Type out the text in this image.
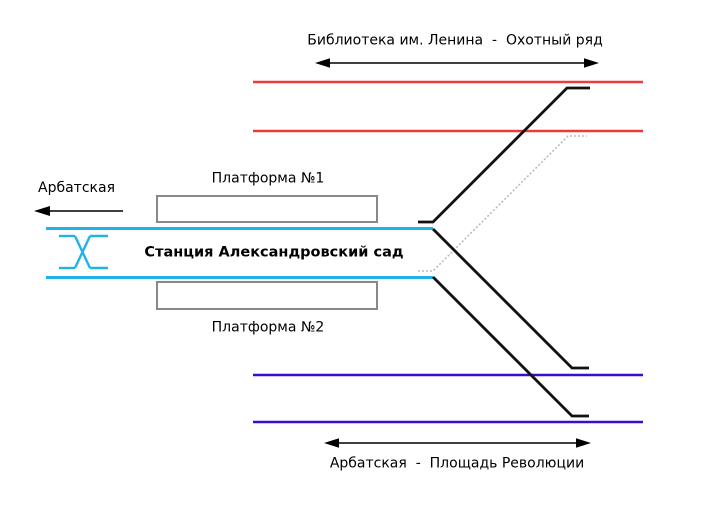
Библиотека им. Ленина  -  Охотный ряд
Арбатская
Платформа №1
Станция Александровский сад
Платформа №2
Арбатская  -  Площадь Революции
